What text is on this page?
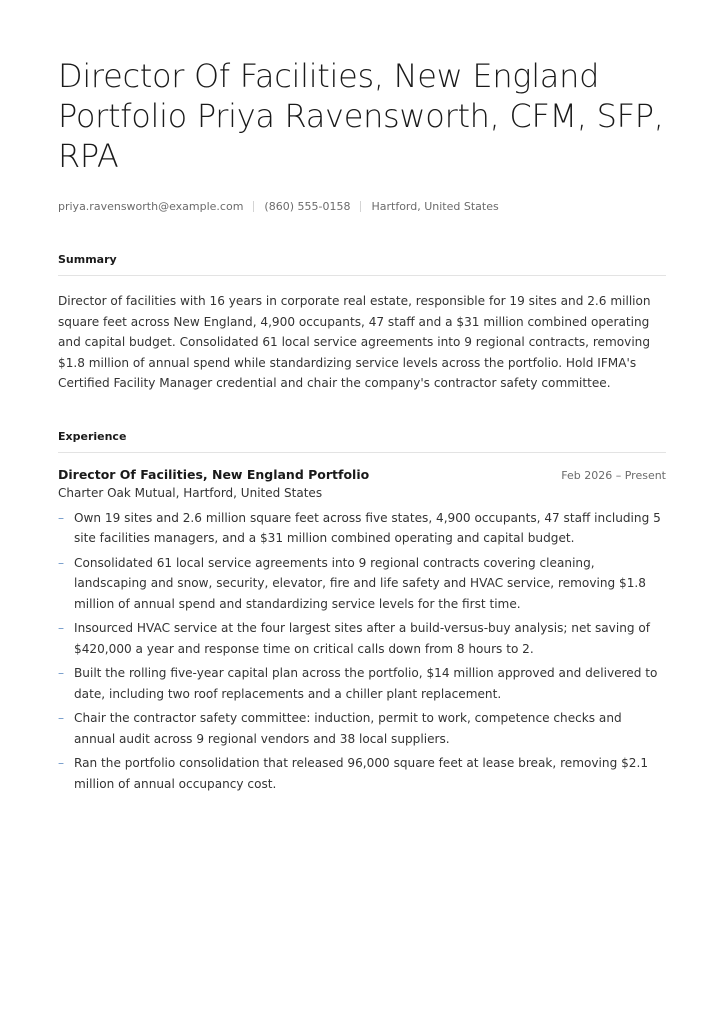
Director Of Facilities, New England Portfolio Priya Ravensworth, CFM, SFP, RPA
priya.ravensworth@example.com (860) 555-0158 Hartford, United States
Summary

Director of facilities with 16 years in corporate real estate, responsible for 19 sites and 2.6 million square feet across New England, 4,900 occupants, 47 staff and a $31 million combined operating and capital budget. Consolidated 61 local service agreements into 9 regional contracts, removing $1.8 million of annual spend while standardizing service levels across the portfolio. Hold IFMA's Certified Facility Manager credential and chair the company's contractor safety committee.

Experience
Director Of Facilities, New England Portfolio	Feb 2026 – Present
Charter Oak Mutual, Hartford, United States
– Own 19 sites and 2.6 million square feet across five states, 4,900 occupants, 47 staff including 5 site facilities managers, and a $31 million combined operating and capital budget.
– Consolidated 61 local service agreements into 9 regional contracts covering cleaning, landscaping and snow, security, elevator, fire and life safety and HVAC service, removing $1.8 million of annual spend and standardizing service levels for the first time.
– Insourced HVAC service at the four largest sites after a build-versus-buy analysis; net saving of $420,000 a year and response time on critical calls down from 8 hours to 2.
– Built the rolling five-year capital plan across the portfolio, $14 million approved and delivered to date, including two roof replacements and a chiller plant replacement.
– Chair the contractor safety committee: induction, permit to work, competence checks and annual audit across 9 regional vendors and 38 local suppliers.
– Ran the portfolio consolidation that released 96,000 square feet at lease break, removing $2.1 million of annual occupancy cost.
